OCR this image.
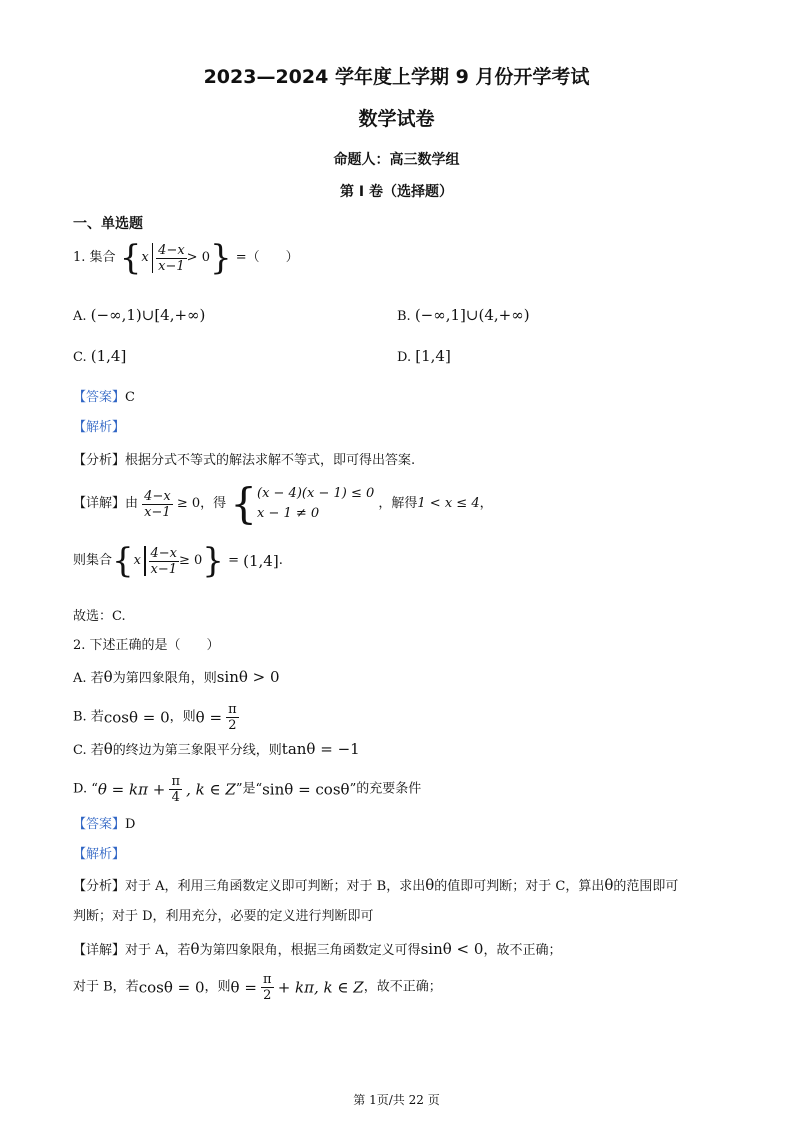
2023—2024 学年度上学期 9 月份开学考试
数学试卷
命题人：高三数学组
第 I 卷（选择题）
一、单选题
1. 集合 $\{x \frac{4-x}{x-1} > 0\}$ =（　　）
A. (−∞,1)∪[4,+∞)	B. (−∞,1]∪(4,+∞)
C. (1,4]	D. [1,4]
【答案】C
【解析】
【分析】根据分式不等式的解法求解不等式，即可得出答案.
【详解】由 $\frac{4-x}{x-1} \ge 0$，得 { (x − 4)(x − 1) ≤ 0
x − 1 ≠ 0
，解得1 < x ≤ 4，
则集合$\{x \frac{4-x}{x-1} \ge 0\} = (1,4]$.
故选：C.
2. 下述正确的是（　　）
A. 若θ为第四象限角，则sinθ > 0
B. 若cosθ = 0，则$\theta = \frac{\pi}{2}$
C. 若θ的终边为第三象限平分线，则tanθ = −1
D. “$\theta = k\pi + \frac{\pi}{4}$ , k ∈ Z”是“sinθ = cosθ”的充要条件
【答案】D
【解析】
【分析】对于 A，利用三角函数定义即可判断；对于 B，求出θ的值即可判断；对于 C，算出θ的范围即可
判断；对于 D，利用充分，必要的定义进行判断即可
【详解】对于 A，若θ为第四象限角，根据三角函数定义可得sinθ < 0，故不正确；
对于 B，若cosθ = 0，则$\theta = \frac{\pi}{2} + k\pi$, k ∈ Z，故不正确；
第 1页/共 22 页
